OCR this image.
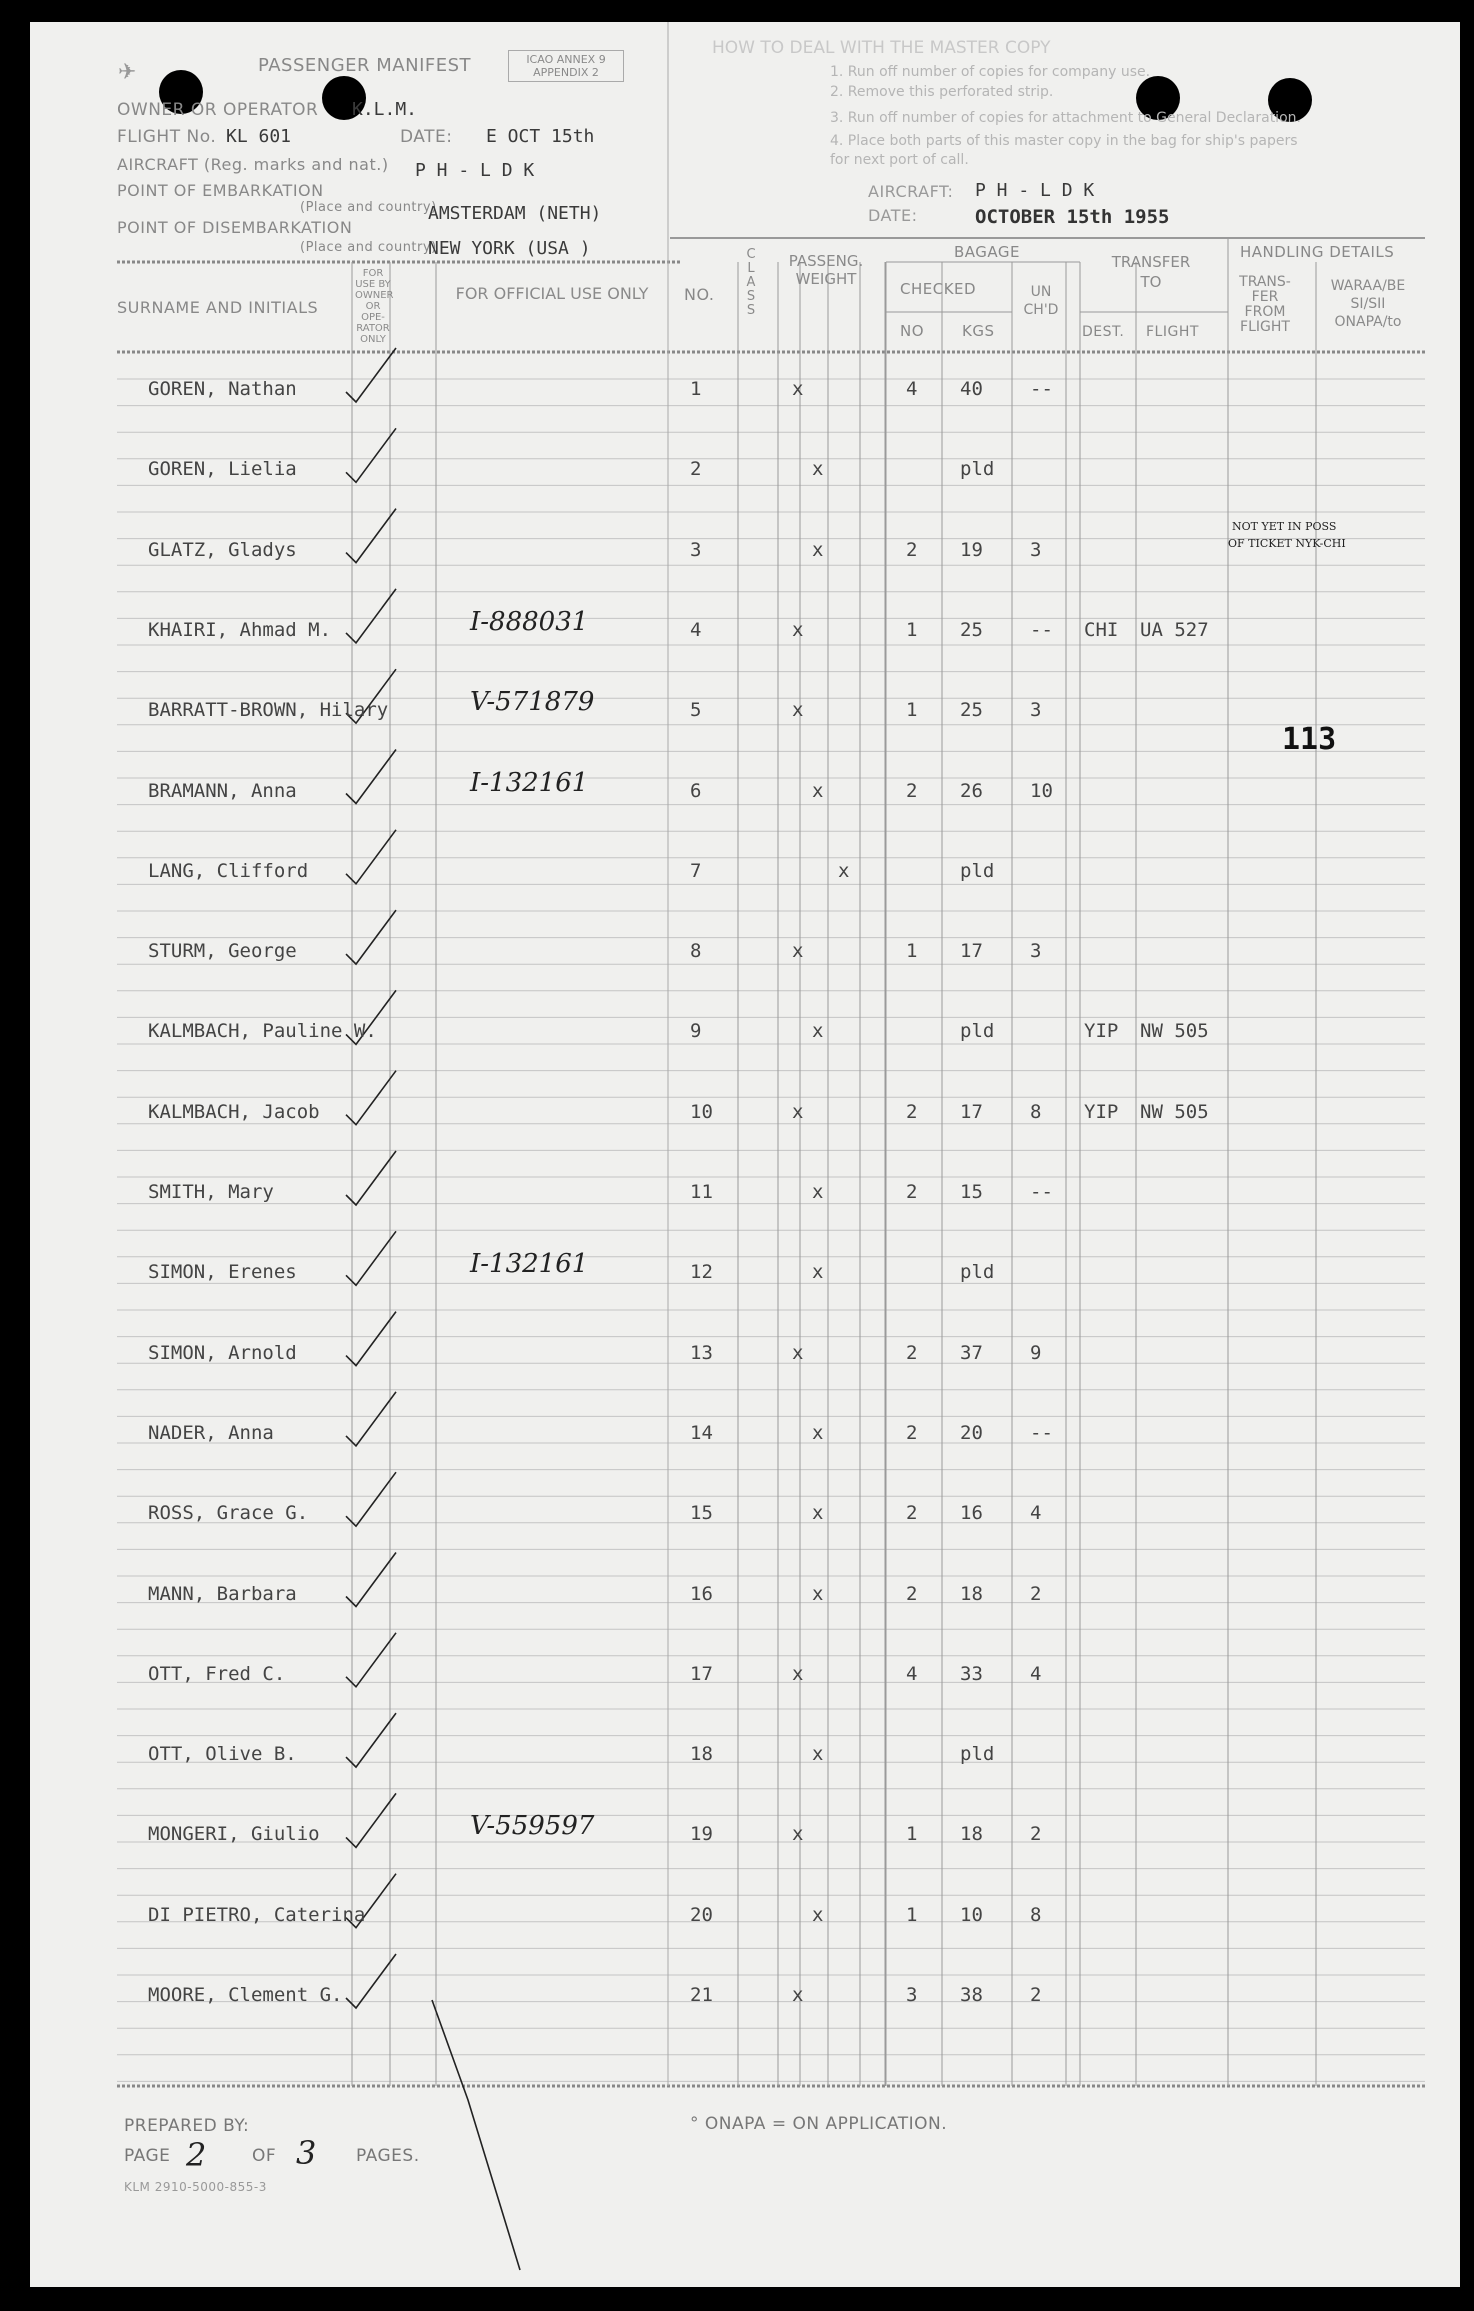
✈	PASSENGER MANIFEST	ICAO ANNEX 9 APPENDIX 2
OWNER OR OPERATOR K.L.M.
FLIGHT No. KL 601	DATE: E OCT 15th
AIRCRAFT (Reg. marks and nat.) P H - L D K
POINT OF EMBARKATION
(Place and country)
AMSTERDAM (NETH)
POINT OF DISEMBARKATION
(Place and country)
NEW YORK (USA )
HOW TO DEAL WITH THE MASTER COPY
1. Run off number of copies for company use.
2. Remove this perforated strip.
3. Run off number of copies for attachment to General Declaration.
4. Place both parts of this master copy in the bag for ship's papers
for next port of call.
AIRCRAFT: P H - L D K
DATE:	OCTOBER 15th 1955
SURNAME AND INITIALS
FOR USE BY OWNER OR OPE- RATOR ONLY
FOR OFFICIAL USE ONLY NO.
CLASS
PASSENG. WEIGHT
BAGAGE
CHECKED
NO	KGS
UN CH'D
TRANSFER TO
DEST. FLIGHT
HANDLING DETAILS
TRANS- FER FROM FLIGHT
WARAA/BE SI/SII ONAPA/to
GOREN, Nathan	1	x	4 40 --
GOREN, Lielia	2	x	pld
GLATZ, Gladys	3	x	2 19 3
KHAIRI, Ahmad M.	I-888031	4	x	1 25 -- CHI UA 527
BARRATT-BROWN, Hilary	V-571879	5	x	1 25 3
BRAMANN, Anna	I-132161	6	x	2 26 10
LANG, Clifford	7	x	pld
STURM, George	8	x	1 17 3
KALMBACH, Pauline W.	9	x	pld	YIP NW 505
KALMBACH, Jacob	10	x	2 17 8 YIP NW 505
SMITH, Mary	11	x	2 15 --
SIMON, Erenes	I-132161	12	x	pld
SIMON, Arnold	13	x	2 37 9
NADER, Anna	14	x	2 20 --
ROSS, Grace G.	15	x	2 16 4
MANN, Barbara	16	x	2 18 2
OTT, Fred C.	17	x	4 33 4
OTT, Olive B.	18	x	pld
MONGERI, Giulio	V-559597	19	x	1 18 2
DI PIETRO, Caterina	20	x	1 10 8
MOORE, Clement G.	21	x	3 38 2
NOT YET IN POSS
OF TICKET NYK-CHI
113
PREPARED BY:
PAGE 2	OF 3 PAGES.
KLM 2910-5000-855-3
° ONAPA = ON APPLICATION.
